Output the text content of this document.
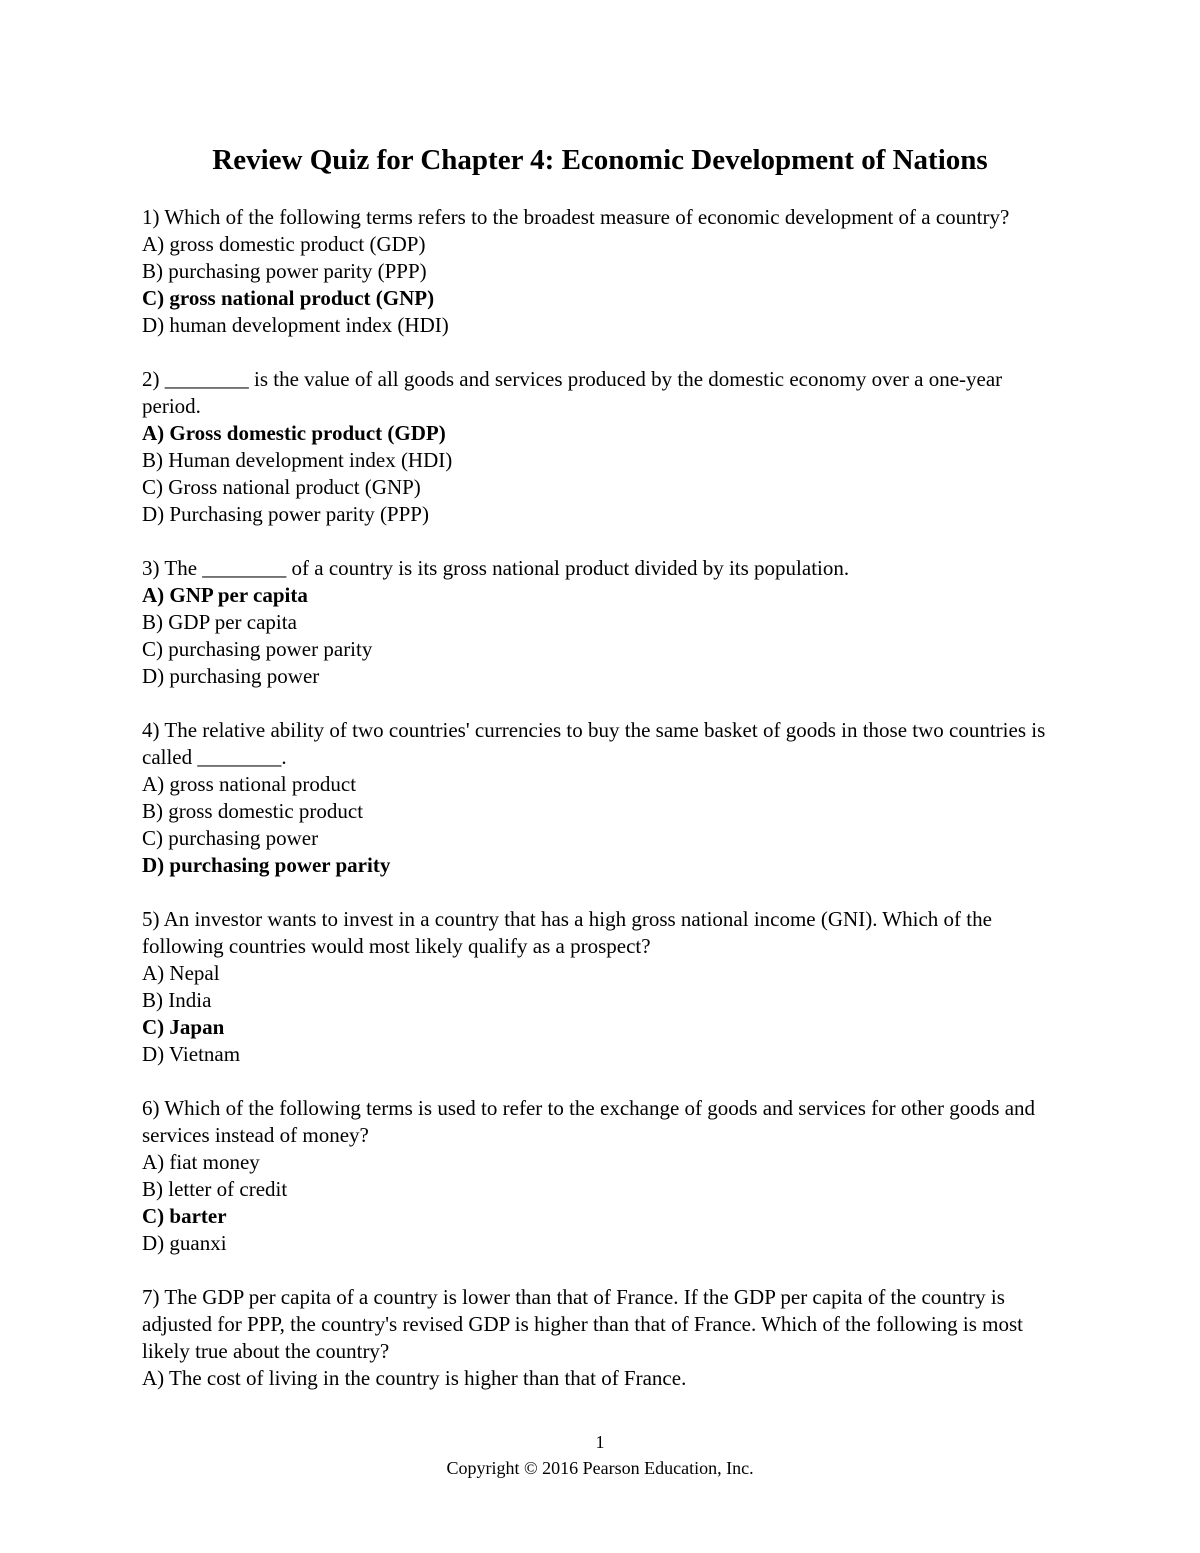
Review Quiz for Chapter 4: Economic Development of Nations

1) Which of the following terms refers to the broadest measure of economic development of a country?

A) gross domestic product (GDP)
B) purchasing power parity (PPP)
C) gross national product (GNP)
D) human development index (HDI)

2) ________ is the value of all goods and services produced by the domestic economy over a one-year period.

A) Gross domestic product (GDP)
B) Human development index (HDI)
C) Gross national product (GNP)
D) Purchasing power parity (PPP)

3) The ________ of a country is its gross national product divided by its population.

A) GNP per capita
B) GDP per capita
C) purchasing power parity
D) purchasing power

4) The relative ability of two countries' currencies to buy the same basket of goods in those two countries is called ________.

A) gross national product
B) gross domestic product
C) purchasing power
D) purchasing power parity

5) An investor wants to invest in a country that has a high gross national income (GNI). Which of the following countries would most likely qualify as a prospect?

A) Nepal
B) India
C) Japan
D) Vietnam

6) Which of the following terms is used to refer to the exchange of goods and services for other goods and services instead of money?

A) fiat money
B) letter of credit
C) barter
D) guanxi

7) The GDP per capita of a country is lower than that of France. If the GDP per capita of the country is adjusted for PPP, the country's revised GDP is higher than that of France. Which of the following is most likely true about the country?

A) The cost of living in the country is higher than that of France.
1
Copyright © 2016 Pearson Education, Inc.
